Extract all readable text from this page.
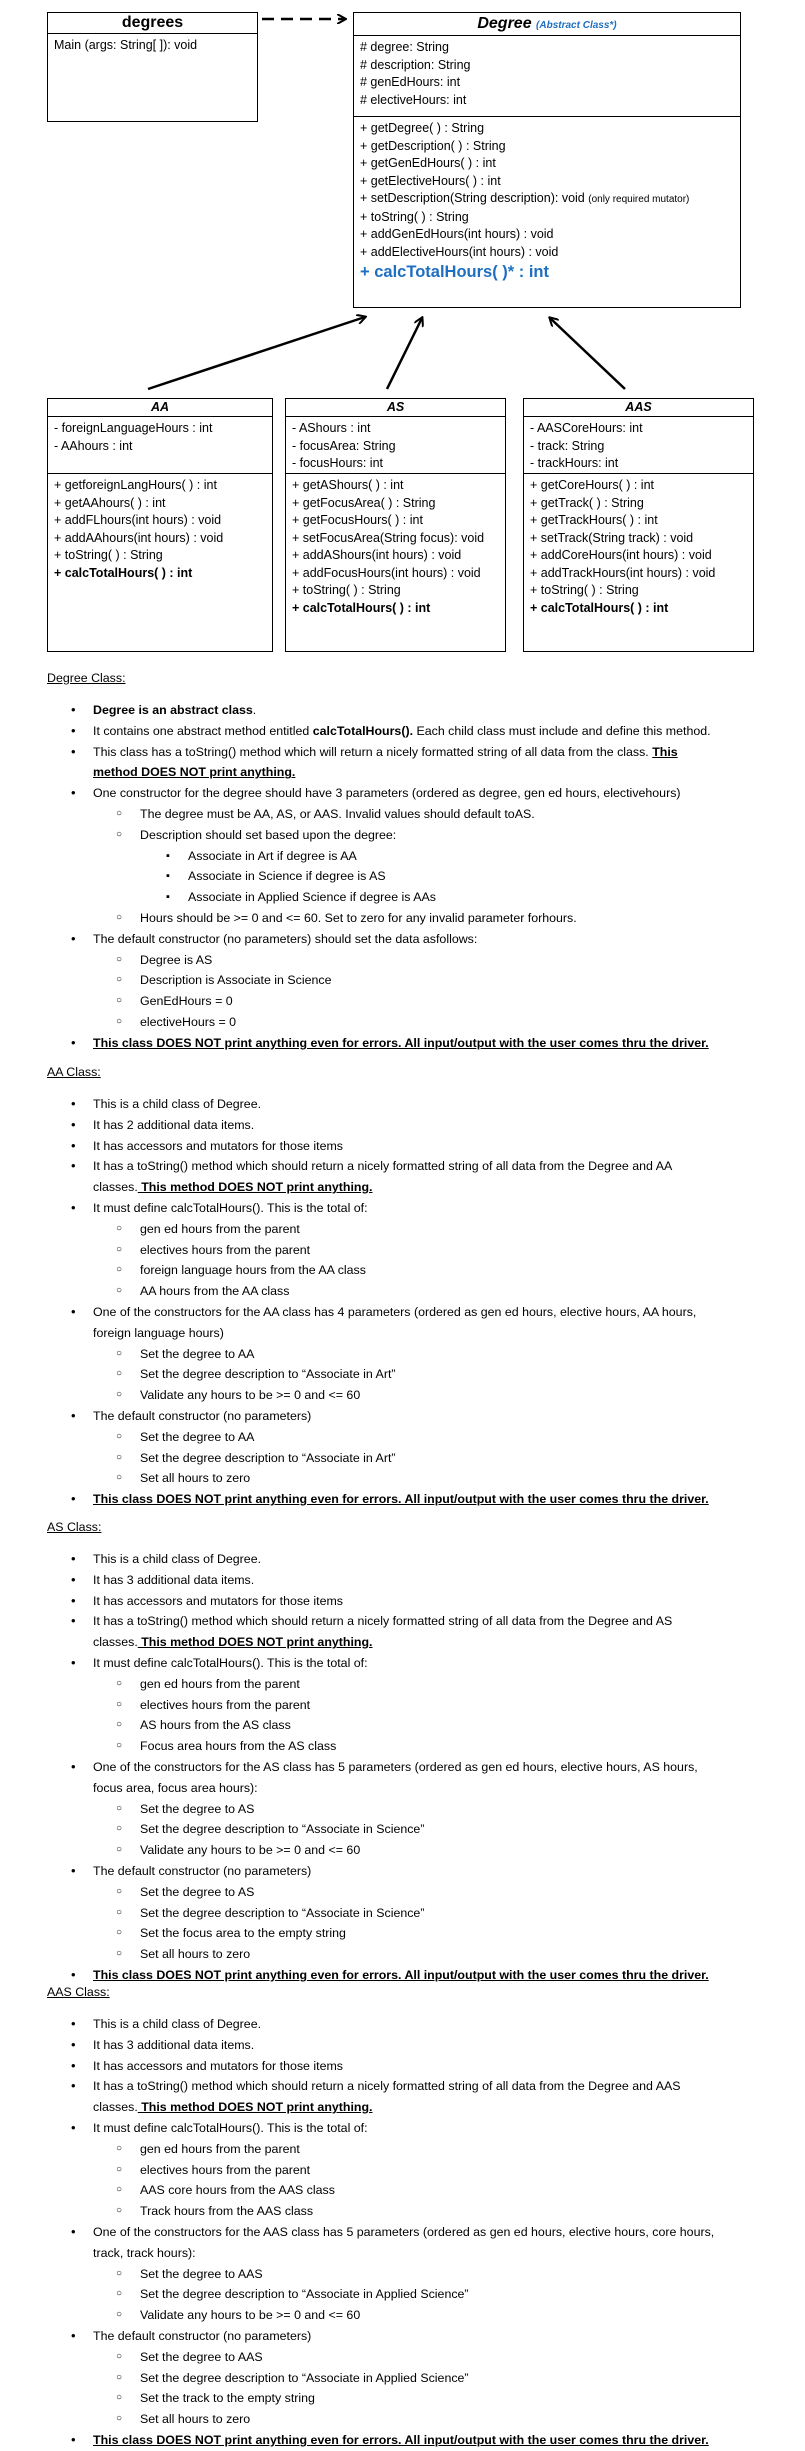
degrees
Main (args: String[ ]): void
Degree (Abstract Class*)
# degree: String
# description: String
# genEdHours: int
# electiveHours: int
+ getDegree( ) : String
+ getDescription( ) : String
+ getGenEdHours( ) : int
+ getElectiveHours( ) : int
+ setDescription(String description): void (only required mutator)
+ toString( ) : String
+ addGenEdHours(int hours) : void
+ addElectiveHours(int hours) : void
+ calcTotalHours( )* : int
AA
- foreignLanguageHours : int
- AAhours : int
+ getforeignLangHours( ) : int
+ getAAhours( ) : int
+ addFLhours(int hours) : void
+ addAAhours(int hours) : void
+ toString( ) : String
+ calcTotalHours( ) : int
AS
- AShours : int
- focusArea: String
- focusHours: int
+ getAShours( ) : int
+ getFocusArea( ) : String
+ getFocusHours( ) : int
+ setFocusArea(String focus): void
+ addAShours(int hours) : void
+ addFocusHours(int hours) : void
+ toString( ) : String
+ calcTotalHours( ) : int
AAS
- AASCoreHours: int
- track: String
- trackHours: int
+ getCoreHours( ) : int
+ getTrack( ) : String
+ getTrackHours( ) : int
+ setTrack(String track) : void
+ addCoreHours(int hours) : void
+ addTrackHours(int hours) : void
+ toString( ) : String
+ calcTotalHours( ) : int
Degree Class:
• Degree is an abstract class.
• It contains one abstract method entitled calcTotalHours(). Each child class must include and define this method.
• This class has a toString() method which will return a nicely formatted string of all data from the class. This
method DOES NOT print anything.
• One constructor for the degree should have 3 parameters (ordered as degree, gen ed hours, electivehours)
○ The degree must be AA, AS, or AAS. Invalid values should default toAS.
○ Description should set based upon the degree:
▪ Associate in Art if degree is AA
▪ Associate in Science if degree is AS
▪ Associate in Applied Science if degree is AAs
○ Hours should be >= 0 and <= 60. Set to zero for any invalid parameter forhours.
• The default constructor (no parameters) should set the data asfollows:
○ Degree is AS
○ Description is Associate in Science
○ GenEdHours = 0
○ electiveHours = 0
• This class DOES NOT print anything even for errors. All input/output with the user comes thru the driver.
AA Class:
• This is a child class of Degree.
• It has 2 additional data items.
• It has accessors and mutators for those items
• It has a toString() method which should return a nicely formatted string of all data from the Degree and AA
classes. This method DOES NOT print anything.
• It must define calcTotalHours(). This is the total of:
○ gen ed hours from the parent
○ electives hours from the parent
○ foreign language hours from the AA class
○ AA hours from the AA class
• One of the constructors for the AA class has 4 parameters (ordered as gen ed hours, elective hours, AA hours,
foreign language hours)
○ Set the degree to AA
○ Set the degree description to “Associate in Art”
○ Validate any hours to be >= 0 and <= 60
• The default constructor (no parameters)
○ Set the degree to AA
○ Set the degree description to “Associate in Art”
○ Set all hours to zero
• This class DOES NOT print anything even for errors. All input/output with the user comes thru the driver.
AS Class:
• This is a child class of Degree.
• It has 3 additional data items.
• It has accessors and mutators for those items
• It has a toString() method which should return a nicely formatted string of all data from the Degree and AS
classes. This method DOES NOT print anything.
• It must define calcTotalHours(). This is the total of:
○ gen ed hours from the parent
○ electives hours from the parent
○ AS hours from the AS class
○ Focus area hours from the AS class
• One of the constructors for the AS class has 5 parameters (ordered as gen ed hours, elective hours, AS hours,
focus area, focus area hours):
○ Set the degree to AS
○ Set the degree description to “Associate in Science”
○ Validate any hours to be >= 0 and <= 60
• The default constructor (no parameters)
○ Set the degree to AS
○ Set the degree description to “Associate in Science”
○ Set the focus area to the empty string
○ Set all hours to zero
• This class DOES NOT print anything even for errors. All input/output with the user comes thru the driver.
AAS Class:
• This is a child class of Degree.
• It has 3 additional data items.
• It has accessors and mutators for those items
• It has a toString() method which should return a nicely formatted string of all data from the Degree and AAS
classes. This method DOES NOT print anything.
• It must define calcTotalHours(). This is the total of:
○ gen ed hours from the parent
○ electives hours from the parent
○ AAS core hours from the AAS class
○ Track hours from the AAS class
• One of the constructors for the AAS class has 5 parameters (ordered as gen ed hours, elective hours, core hours,
track, track hours):
○ Set the degree to AAS
○ Set the degree description to “Associate in Applied Science”
○ Validate any hours to be >= 0 and <= 60
• The default constructor (no parameters)
○ Set the degree to AAS
○ Set the degree description to “Associate in Applied Science”
○ Set the track to the empty string
○ Set all hours to zero
• This class DOES NOT print anything even for errors. All input/output with the user comes thru the driver.
